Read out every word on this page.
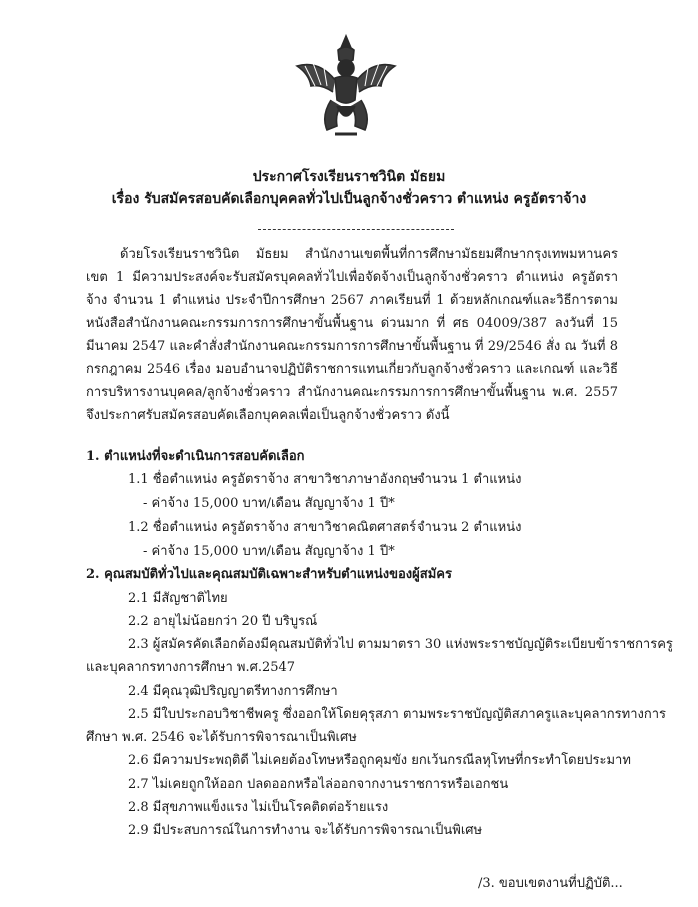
ประกาศโรงเรียนราชวินิต มัธยม
เรื่อง รับสมัครสอบคัดเลือกบุคคลทั่วไปเป็นลูกจ้างชั่วคราว ตำแหน่ง ครูอัตราจ้าง
ด้วยโรงเรียนราชวินิต มัธยม สำนักงานเขตพื้นที่การศึกษามัธยมศึกษากรุงเทพมหานคร เขต 1 มีความประสงค์จะรับสมัครบุคคลทั่วไปเพื่อจัดจ้างเป็นลูกจ้างชั่วคราว ตำแหน่ง ครูอัตราจ้าง จำนวน 1 ตำแหน่ง ประจำปีการศึกษา 2567 ภาคเรียนที่ 1 ด้วยหลักเกณฑ์และวิธีการตามหนังสือสำนักงานคณะกรรมการการศึกษาขั้นพื้นฐาน ด่วนมาก ที่ ศธ 04009/387 ลงวันที่ 15 มีนาคม 2547 และคำสั่งสำนักงานคณะกรรมการการศึกษาขั้นพื้นฐาน ที่ 29/2546 สั่ง ณ วันที่ 8 กรกฎาคม 2546 เรื่อง มอบอำนาจปฏิบัติราชการแทนเกี่ยวกับลูกจ้างชั่วคราว และเกณฑ์ และวิธีการบริหารงานบุคคล/ลูกจ้างชั่วคราว สำนักงานคณะกรรมการการศึกษาขั้นพื้นฐาน พ.ศ. 2557 จึงประกาศรับสมัครสอบคัดเลือกบุคคลเพื่อเป็นลูกจ้างชั่วคราว ดังนี้
1. ตำแหน่งที่จะดำเนินการสอบคัดเลือก
1.1 ชื่อตำแหน่ง ครูอัตราจ้าง สาขาวิชาภาษาอังกฤษ
จำนวน 1 ตำแหน่ง
- ค่าจ้าง 15,000 บาท/เดือน สัญญาจ้าง 1 ปี*
1.2 ชื่อตำแหน่ง ครูอัตราจ้าง สาขาวิชาคณิตศาสตร์ จำนวน 2 ตำแหน่ง
- ค่าจ้าง 15,000 บาท/เดือน สัญญาจ้าง 1 ปี*
2. คุณสมบัติทั่วไปและคุณสมบัติเฉพาะสำหรับตำแหน่งของผู้สมัคร
2.1 มีสัญชาติไทย
2.2 อายุไม่น้อยกว่า 20 ปี บริบูรณ์
2.3 ผู้สมัครคัดเลือกต้องมีคุณสมบัติทั่วไป ตามมาตรา 30 แห่งพระราชบัญญัติระเบียบข้าราชการครู
และบุคลากรทางการศึกษา พ.ศ.2547
2.4 มีคุณวุฒิปริญญาตรีทางการศึกษา
2.5 มีใบประกอบวิชาชีพครู ซึ่งออกให้โดยคุรุสภา ตามพระราชบัญญัติสภาครูและบุคลากรทางการ
ศึกษา พ.ศ. 2546 จะได้รับการพิจารณาเป็นพิเศษ
2.6 มีความประพฤติดี ไม่เคยต้องโทษหรือถูกคุมขัง ยกเว้นกรณีลหุโทษที่กระทำโดยประมาท
2.7 ไม่เคยถูกให้ออก ปลดออกหรือไล่ออกจากงานราชการหรือเอกชน
2.8 มีสุขภาพแข็งแรง ไม่เป็นโรคติดต่อร้ายแรง
2.9 มีประสบการณ์ในการทำงาน จะได้รับการพิจารณาเป็นพิเศษ
/3. ขอบเขตงานที่ปฏิบัติ...
